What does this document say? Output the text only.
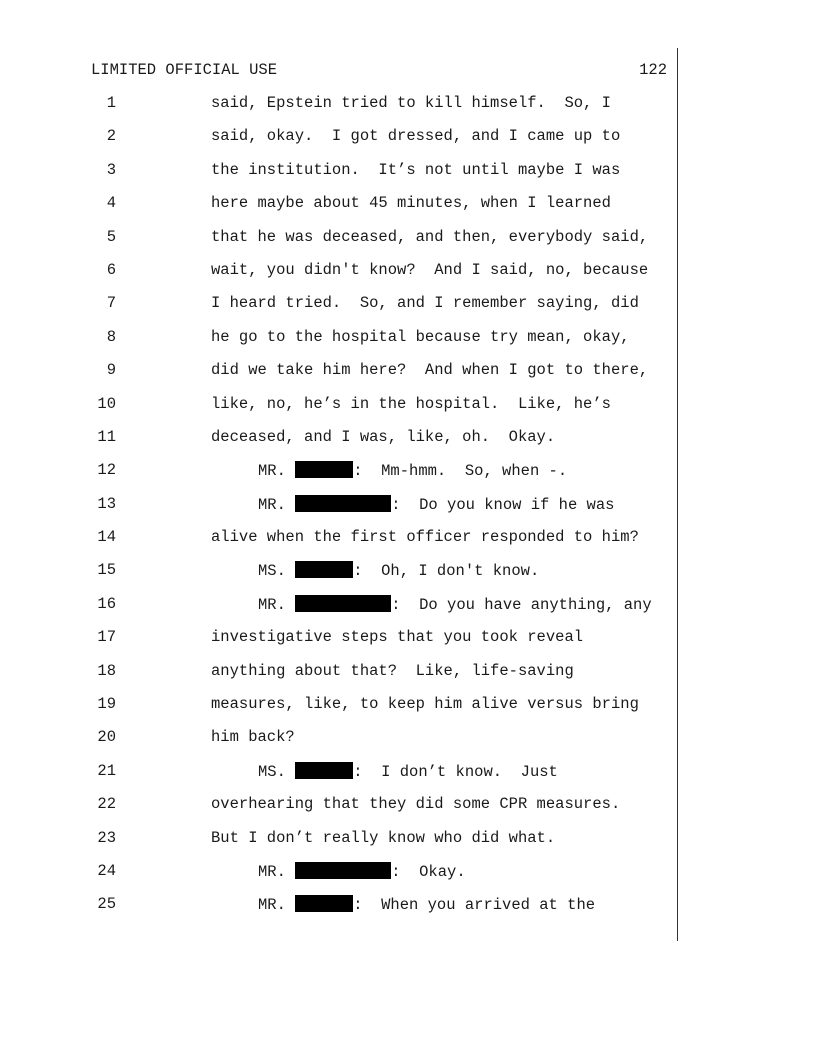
LIMITED OFFICIAL USE	122
1	said, Epstein tried to kill himself.  So, I
2	said, okay.  I got dressed, and I came up to
3	the institution.  It’s not until maybe I was
4	here maybe about 45 minutes, when I learned
5	that he was deceased, and then, everybody said,
6	wait, you didn't know?  And I said, no, because
7	I heard tried.  So, and I remember saying, did
8	he go to the hospital because try mean, okay,
9	did we take him here?  And when I got to there,
10	like, no, he’s in the hospital.  Like, he’s
11	deceased, and I was, like, oh.  Okay.
12	MR.	:  Mm-hmm.  So, when -.
13	MR.	:  Do you know if he was
14	alive when the first officer responded to him?
15	MS.	:  Oh, I don't know.
16	MR.	:  Do you have anything, any
17	investigative steps that you took reveal
18	anything about that?  Like, life-saving
19	measures, like, to keep him alive versus bring
20	him back?
21	MS.	:  I don’t know.  Just
22	overhearing that they did some CPR measures.
23	But I don’t really know who did what.
24	MR.	:  Okay.
25	MR.	:  When you arrived at the
